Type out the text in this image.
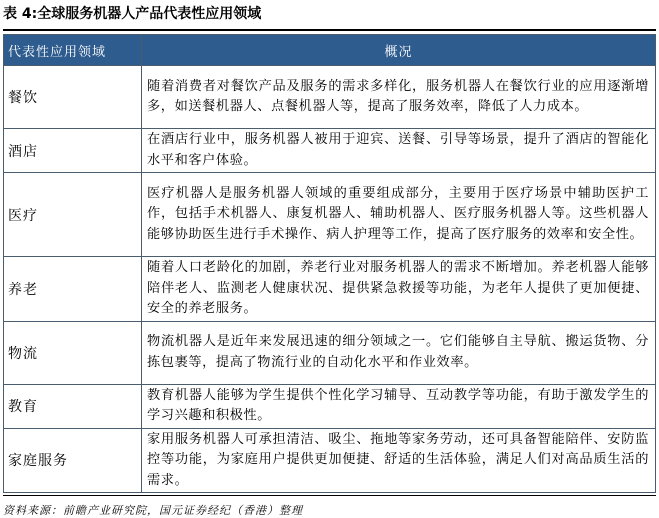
表 4:全球服务机器人产品代表性应用领域
代表性应用领域	概况
餐饮	随着消费者对餐饮产品及服务的需求多样化，服务机器人在餐饮行业的应用逐渐增多，如送餐机器人、点餐机器人等，提高了服务效率，降低了人力成本。
酒店	在酒店行业中，服务机器人被用于迎宾、送餐、引导等场景，提升了酒店的智能化水平和客户体验。
医疗	医疗机器人是服务机器人领域的重要组成部分，主要用于医疗场景中辅助医护工作，包括手术机器人、康复机器人、辅助机器人、医疗服务机器人等。这些机器人能够协助医生进行手术操作、病人护理等工作，提高了医疗服务的效率和安全性。
养老	随着人口老龄化的加剧，养老行业对服务机器人的需求不断增加。养老机器人能够陪伴老人、监测老人健康状况、提供紧急救援等功能，为老年人提供了更加便捷、安全的养老服务。
物流	物流机器人是近年来发展迅速的细分领域之一。它们能够自主导航、搬运货物、分拣包裹等，提高了物流行业的自动化水平和作业效率。
教育	教育机器人能够为学生提供个性化学习辅导、互动教学等功能，有助于激发学生的学习兴趣和积极性。
家庭服务	家用服务机器人可承担清洁、吸尘、拖地等家务劳动，还可具备智能陪伴、安防监控等功能，为家庭用户提供更加便捷、舒适的生活体验，满足人们对高品质生活的需求。
资料来源：前瞻产业研究院，国元证券经纪（香港）整理
